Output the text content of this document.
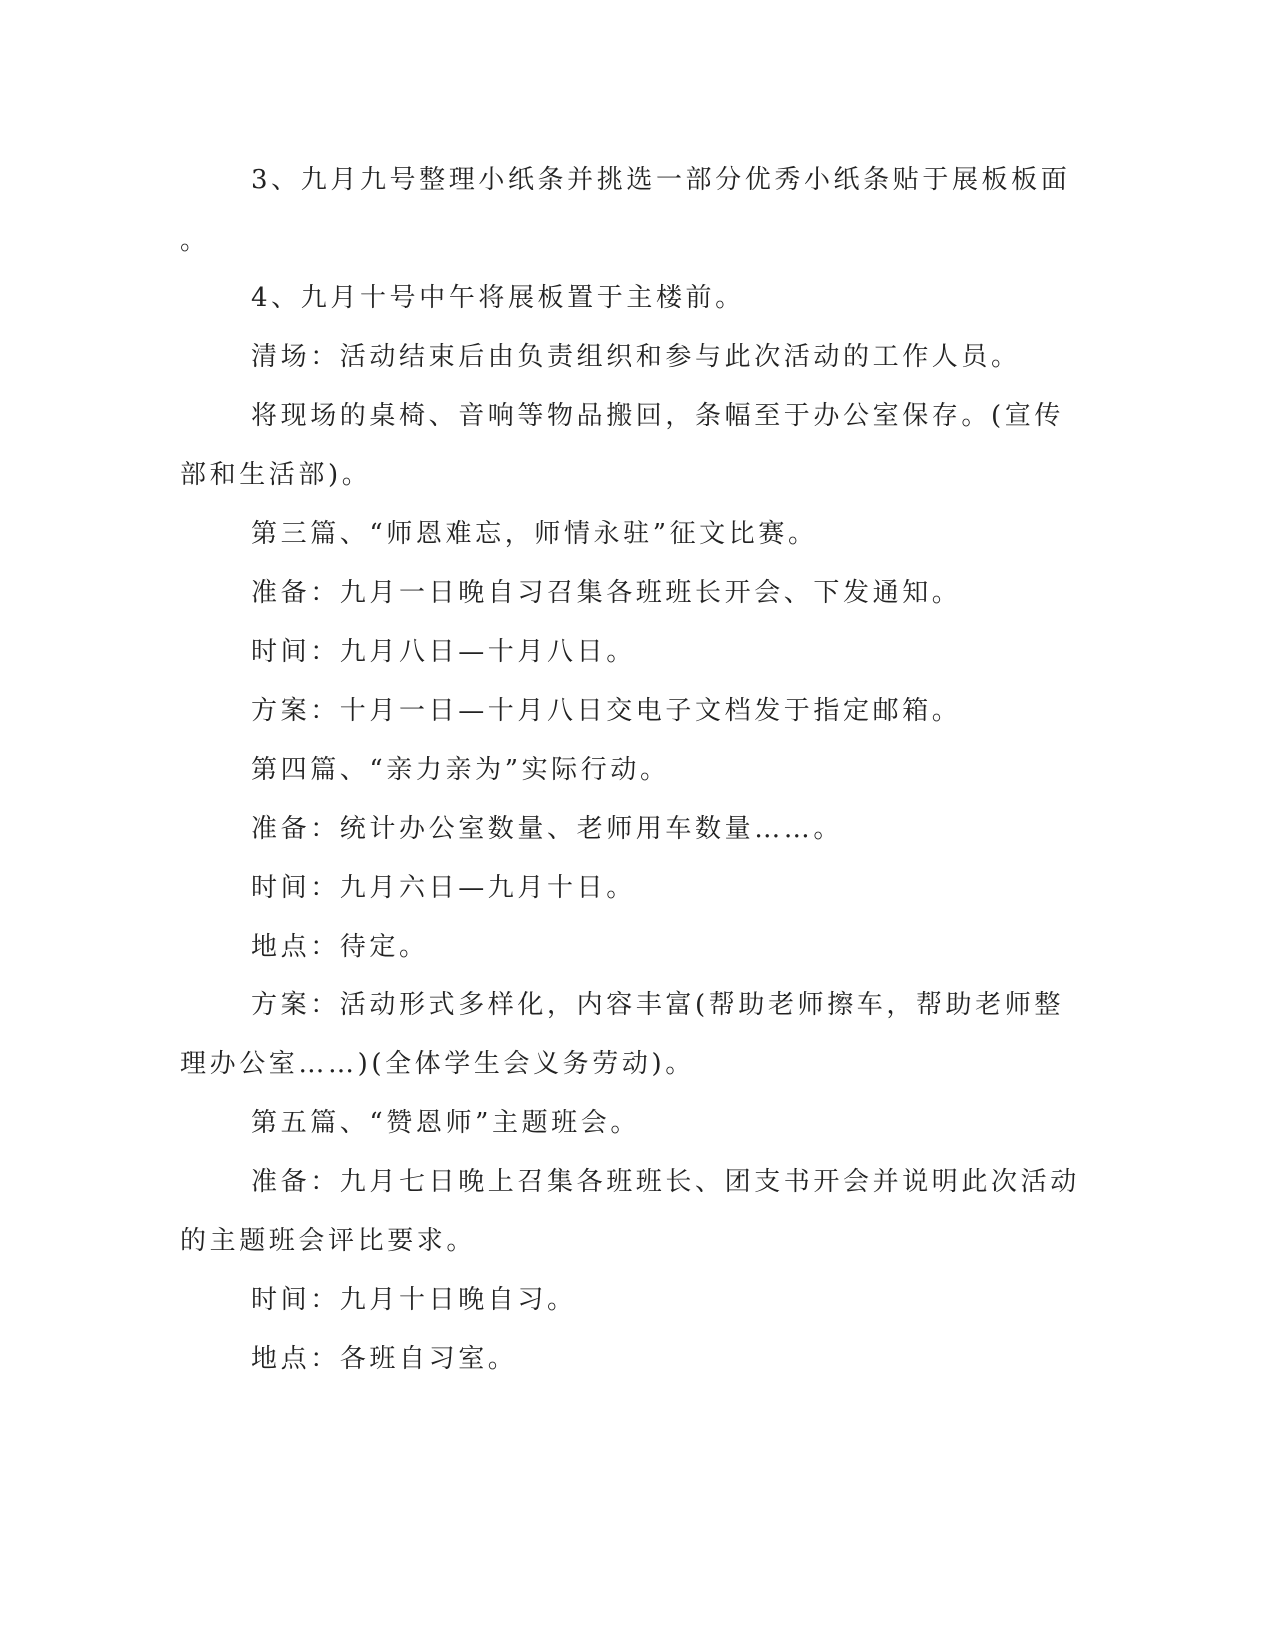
3、九月九号整理小纸条并挑选一部分优秀小纸条贴于展板板面
。
4、九月十号中午将展板置于主楼前。
清场：活动结束后由负责组织和参与此次活动的工作人员。
将现场的桌椅、音响等物品搬回，条幅至于办公室保存。(宣传
部和生活部)。
第三篇、“师恩难忘，师情永驻”征文比赛。
准备：九月一日晚自习召集各班班长开会、下发通知。
时间：九月八日—十月八日。
方案：十月一日—十月八日交电子文档发于指定邮箱。
第四篇、“亲力亲为”实际行动。
准备：统计办公室数量、老师用车数量……。
时间：九月六日—九月十日。
地点：待定。
方案：活动形式多样化，内容丰富(帮助老师擦车，帮助老师整
理办公室……)(全体学生会义务劳动)。
第五篇、“赞恩师”主题班会。
准备：九月七日晚上召集各班班长、团支书开会并说明此次活动
的主题班会评比要求。
时间：九月十日晚自习。
地点：各班自习室。
